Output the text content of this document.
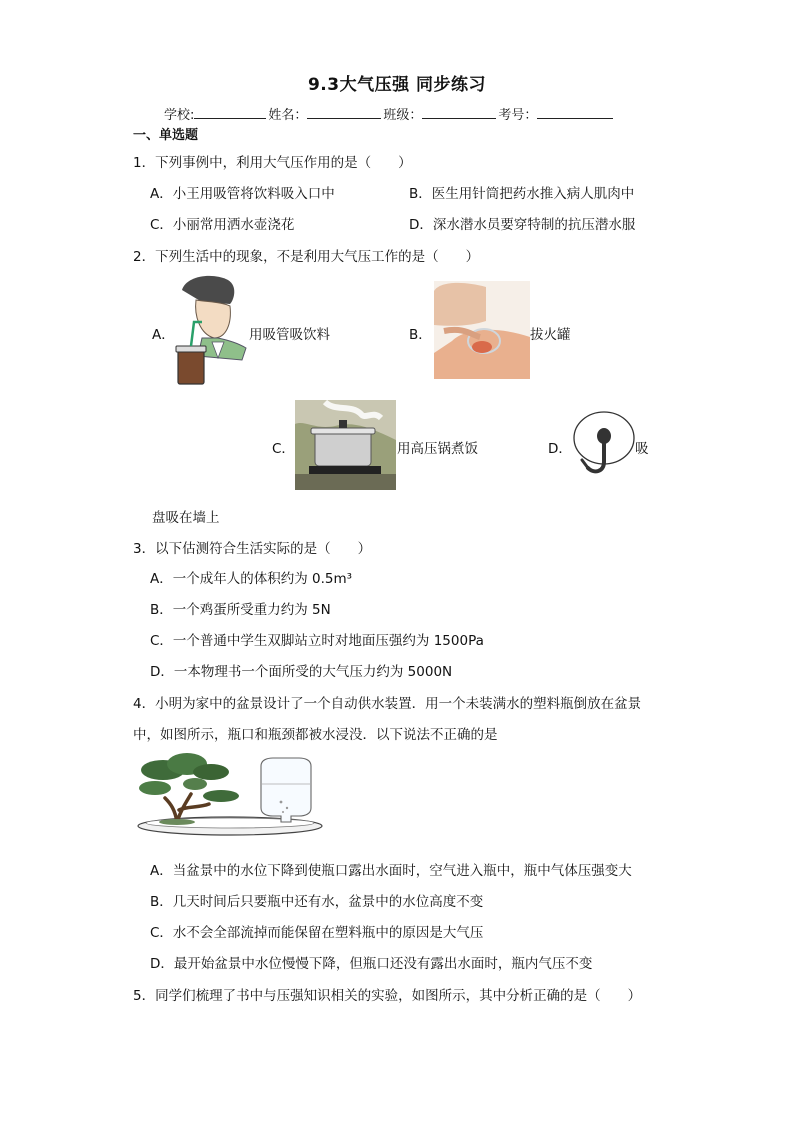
9.3大气压强 同步练习
学校:	姓名：	班级：	考号：
一、单选题
1．下列事例中，利用大气压作用的是（　　）
A．小王用吸管将饮料吸入口中	B．医生用针筒把药水推入病人肌肉中
C．小丽常用洒水壶浇花	D．深水潜水员要穿特制的抗压潜水服
2．下列生活中的现象，不是利用大气压工作的是（　　）
A．	用吸管吸饮料	B．	拔火罐
C．	用高压锅煮饭	D．	吸
盘吸在墙上
3．以下估测符合生活实际的是（　　）
A．一个成年人的体积约为 0.5m³
B．一个鸡蛋所受重力约为 5N
C．一个普通中学生双脚站立时对地面压强约为 1500Pa
D．一本物理书一个面所受的大气压力约为 5000N
4．小明为家中的盆景设计了一个自动供水装置．用一个未装满水的塑料瓶倒放在盆景
中，如图所示，瓶口和瓶颈都被水浸没．以下说法不正确的是
A．当盆景中的水位下降到使瓶口露出水面时，空气进入瓶中，瓶中气体压强变大
B．几天时间后只要瓶中还有水，盆景中的水位高度不变
C．水不会全部流掉而能保留在塑料瓶中的原因是大气压
D．最开始盆景中水位慢慢下降，但瓶口还没有露出水面时，瓶内气压不变
5．同学们梳理了书中与压强知识相关的实验，如图所示，其中分析正确的是（　　）
